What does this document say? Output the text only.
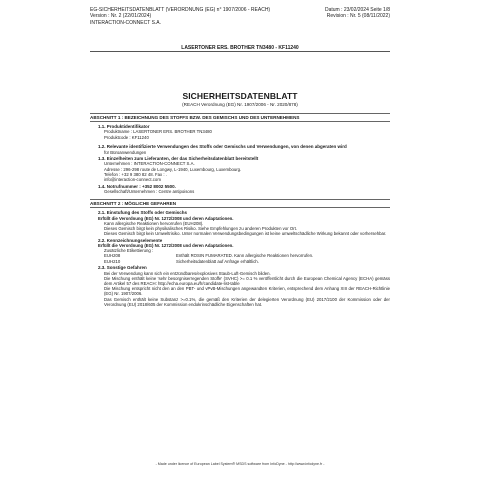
EG-SICHERHEITSDATENBLATT (VERORDNUNG (EG) n° 1907/2006 - REACH)
Version : Nr. 2 (22/01/2024)
INTERACTION-CONNECT S.A.
Datum : 23/02/2024 Seite 1/8
Revision : Nr. 5 (08/11/2022)
LASERTONER ERS. BROTHER TN3480 - KF11240
SICHERHEITSDATENBLATT
(REACH Verordnung (EG) Nr. 1907/2006 - Nr. 2020/878)
ABSCHNITT 1 : BEZEICHNUNG DES STOFFS BZW. DES GEMISCHS UND DES UNTERNEHMENS
1.1. Produktidentifikator
Produktname : LASERTONER ERS. BROTHER TN3480
Produktcode : KF11240
1.2. Relevante identifizierte Verwendungen des Stoffs oder Gemischs und Verwendungen, von denen abgeraten wird
für Büroanwendungen
1.3. Einzelheiten zum Lieferanten, der das Sicherheitsdatenblatt bereitstellt
Unternehmen : INTERACTION-CONNECT S.A.
Adresse : 296-298 route de Longwy, L-1940, Luxembourg, Luxembourg.
Telefon : +32 9 380 82 48. Fax : .
info@interaction-connect.com
1.4. Notrufnummer : +352 8002 5500.
Gesellschaft/Unternehmen : Centre antipoisons
ABSCHNITT 2 : MÖGLICHE GEFAHREN
2.1. Einstufung des Stoffs oder Gemischs
Erfüllt die Verordnung (EG) Nr. 1272/2008 und deren Adaptationen.
Kann allergische Reaktionen hervorrufen (EUH208).
Dieses Gemisch birgt kein physikalisches Risiko. Siehe Empfehlungen zu anderen Produkten vor Ort.
Dieses Gemisch birgt kein Umweltrisiko. Unter normalen Verwendungsbedingungen ist keine umweltschädliche Wirkung bekannt oder vorhersehbar.
2.2. Kennzeichnungselemente
Erfüllt die Verordnung (EG) Nr. 1272/2008 und deren Adaptationen.
Zusätzliche Etikettierung :
EUH208	Enthält ROSIN FUMARATED. Kann allergische Reaktionen hervorrufen.
EUH210	Sicherheitsdatenblatt auf Anfrage erhältlich.
2.3. Sonstige Gefahren
Bei der Verwendung kann sich ein entzündbares/explosives Staub-Luft-Gemisch bilden.
Die Mischung enthält keine 'sehr besorgniserregenden Stoffe' (SVHC) >= 0.1 % veröffentlicht durch die European Chemical Agency (ECHA) gemäss dem Artikel 57 des REACH: http://echa.europa.eu/fr/candidate-list-table
Die Mischung entspricht nicht den an den PBT- und vPvB-Mischungen angewandten Kriterien, entsprechend dem Anhang XIII der REACH-Richtlinie (EG) Nr. 1907/2006.
Das Gemisch enthält keine Substanz >=0.1%, die gemäß den Kriterien der delegierten Verordnung (EU) 2017/2100 der Kommission oder der Verordnung (EU) 2018/605 der Kommission endokrinschädliche Eigenschaften hat.
- Made under licence of European Label System® MSDS software from InfoDyne - http://www.infodyne.fr -
